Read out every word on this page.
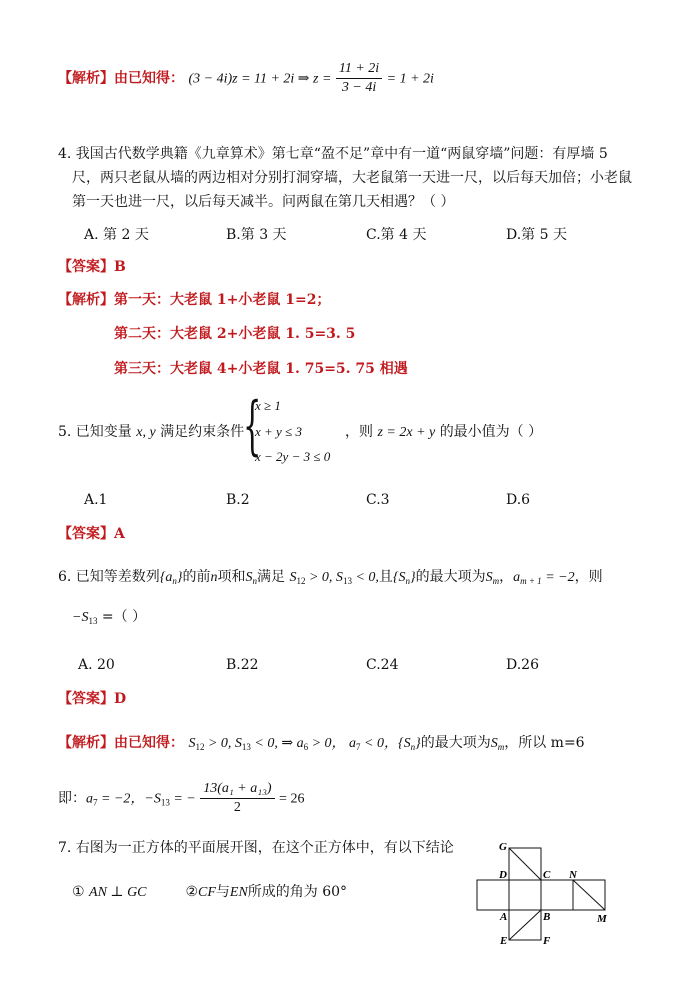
【解析】由已知得： (3 − 4i)z = 11 + 2i ⇒ $z = \frac{11 + 2i}{3 - 4i} = 1 + 2i$
4. 我国古代数学典籍《九章算术》第七章“盈不足”章中有一道“两鼠穿墙”问题：有厚墙 5
尺，两只老鼠从墙的两边相对分别打洞穿墙，大老鼠第一天进一尺，以后每天加倍；小老鼠
第一天也进一尺，以后每天减半。问两鼠在第几天相遇？（ ）
A. 第 2 天	B.第 3 天	C.第 4 天	D.第 5 天
【答案】B
【解析】第一天：大老鼠 1+小老鼠 1=2；
第二天：大老鼠 2+小老鼠 1. 5=3. 5
第三天：大老鼠 4+小老鼠 1. 75=5. 75 相遇
5. 已知变量 x, y 满足约束条件
{
x ≥ 1
x + y ≤ 3
x − 2y − 3 ≤ 0
，则 z = 2x + y 的最小值为（ ）
A.1	B.2	C.3	D.6
【答案】A
6. 已知等差数列$\{a_n\}$的前n项和$S_n$满足 $S_{12} > 0$, $S_{13} < 0$,且$\{S_n\}$的最大项为$S_m$，$a_{m + 1} = -2$，则
$-S_{13}$ =（ ）
A. 20	B.22	C.24	D.26
【答案】D
【解析】由已知得： $S_{12} > 0$, $S_{13} < 0$, ⇒ $a_6 > 0$， $a_7 < 0$，$\{S_n\}$的最大项为$S_m$，所以 m=6
即：$a_7 = -2$，$-S_{13}$ = − $\frac{\text{13(a₁ + a₁₃)}}{2} = 26$
7. 右图为一正方体的平面展开图，在这个正方体中，有以下结论
① AN ⊥ GC	②CF与EN所成的角为 60°
G
D	C N
A	B	M
E	F
